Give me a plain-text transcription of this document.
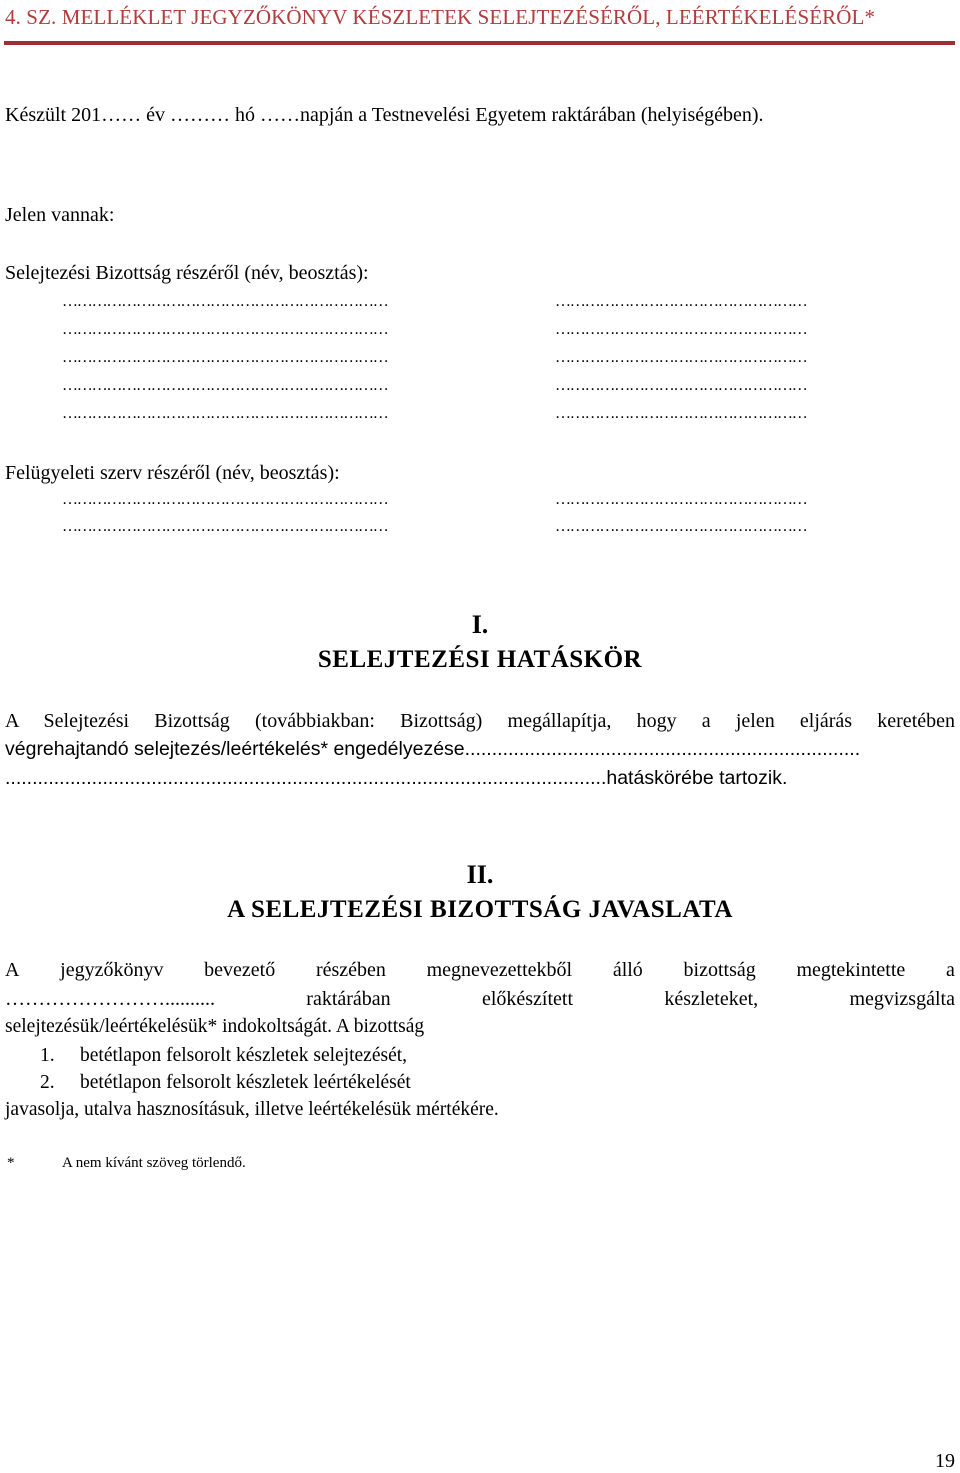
4. SZ. MELLÉKLET JEGYZŐKÖNYV KÉSZLETEK SELEJTEZÉSÉRŐL, LEÉRTÉKELÉSÉRŐL*
Készült 201…… év ……… hó ……napján a Testnevelési Egyetem raktárában (helyiségében).
Jelen vannak:
Selejtezési Bizottság részéről (név, beosztás):
…………………………………………………………	……………………………………………
…………………………………………………………	……………………………………………
…………………………………………………………	……………………………………………
…………………………………………………………	……………………………………………
…………………………………………………………	……………………………………………
Felügyeleti szerv részéről (név, beosztás):
…………………………………………………………	……………………………………………
…………………………………………………………	……………………………………………
I.
SELEJTEZÉSI HATÁSKÖR
A Selejtezési Bizottság (továbbiakban: Bizottság) megállapítja, hogy a jelen eljárás keretében
végrehajtandó selejtezés/leértékelés* engedélyezése.........................................................................
...............................................................................................................hatáskörébe tartozik.
II.
A SELEJTEZÉSI BIZOTTSÁG JAVASLATA
A jegyzőkönyv bevezető részében megnevezettekből álló bizottság megtekintette a
……………………..........	raktárában	előkészített	készleteket,	megvizsgálta
selejtezésük/leértékelésük* indokoltságát. A bizottság
1. betétlapon felsorolt készletek selejtezését,
2. betétlapon felsorolt készletek leértékelését
javasolja, utalva hasznosításuk, illetve leértékelésük mértékére.
*	A nem kívánt szöveg törlendő.
19
